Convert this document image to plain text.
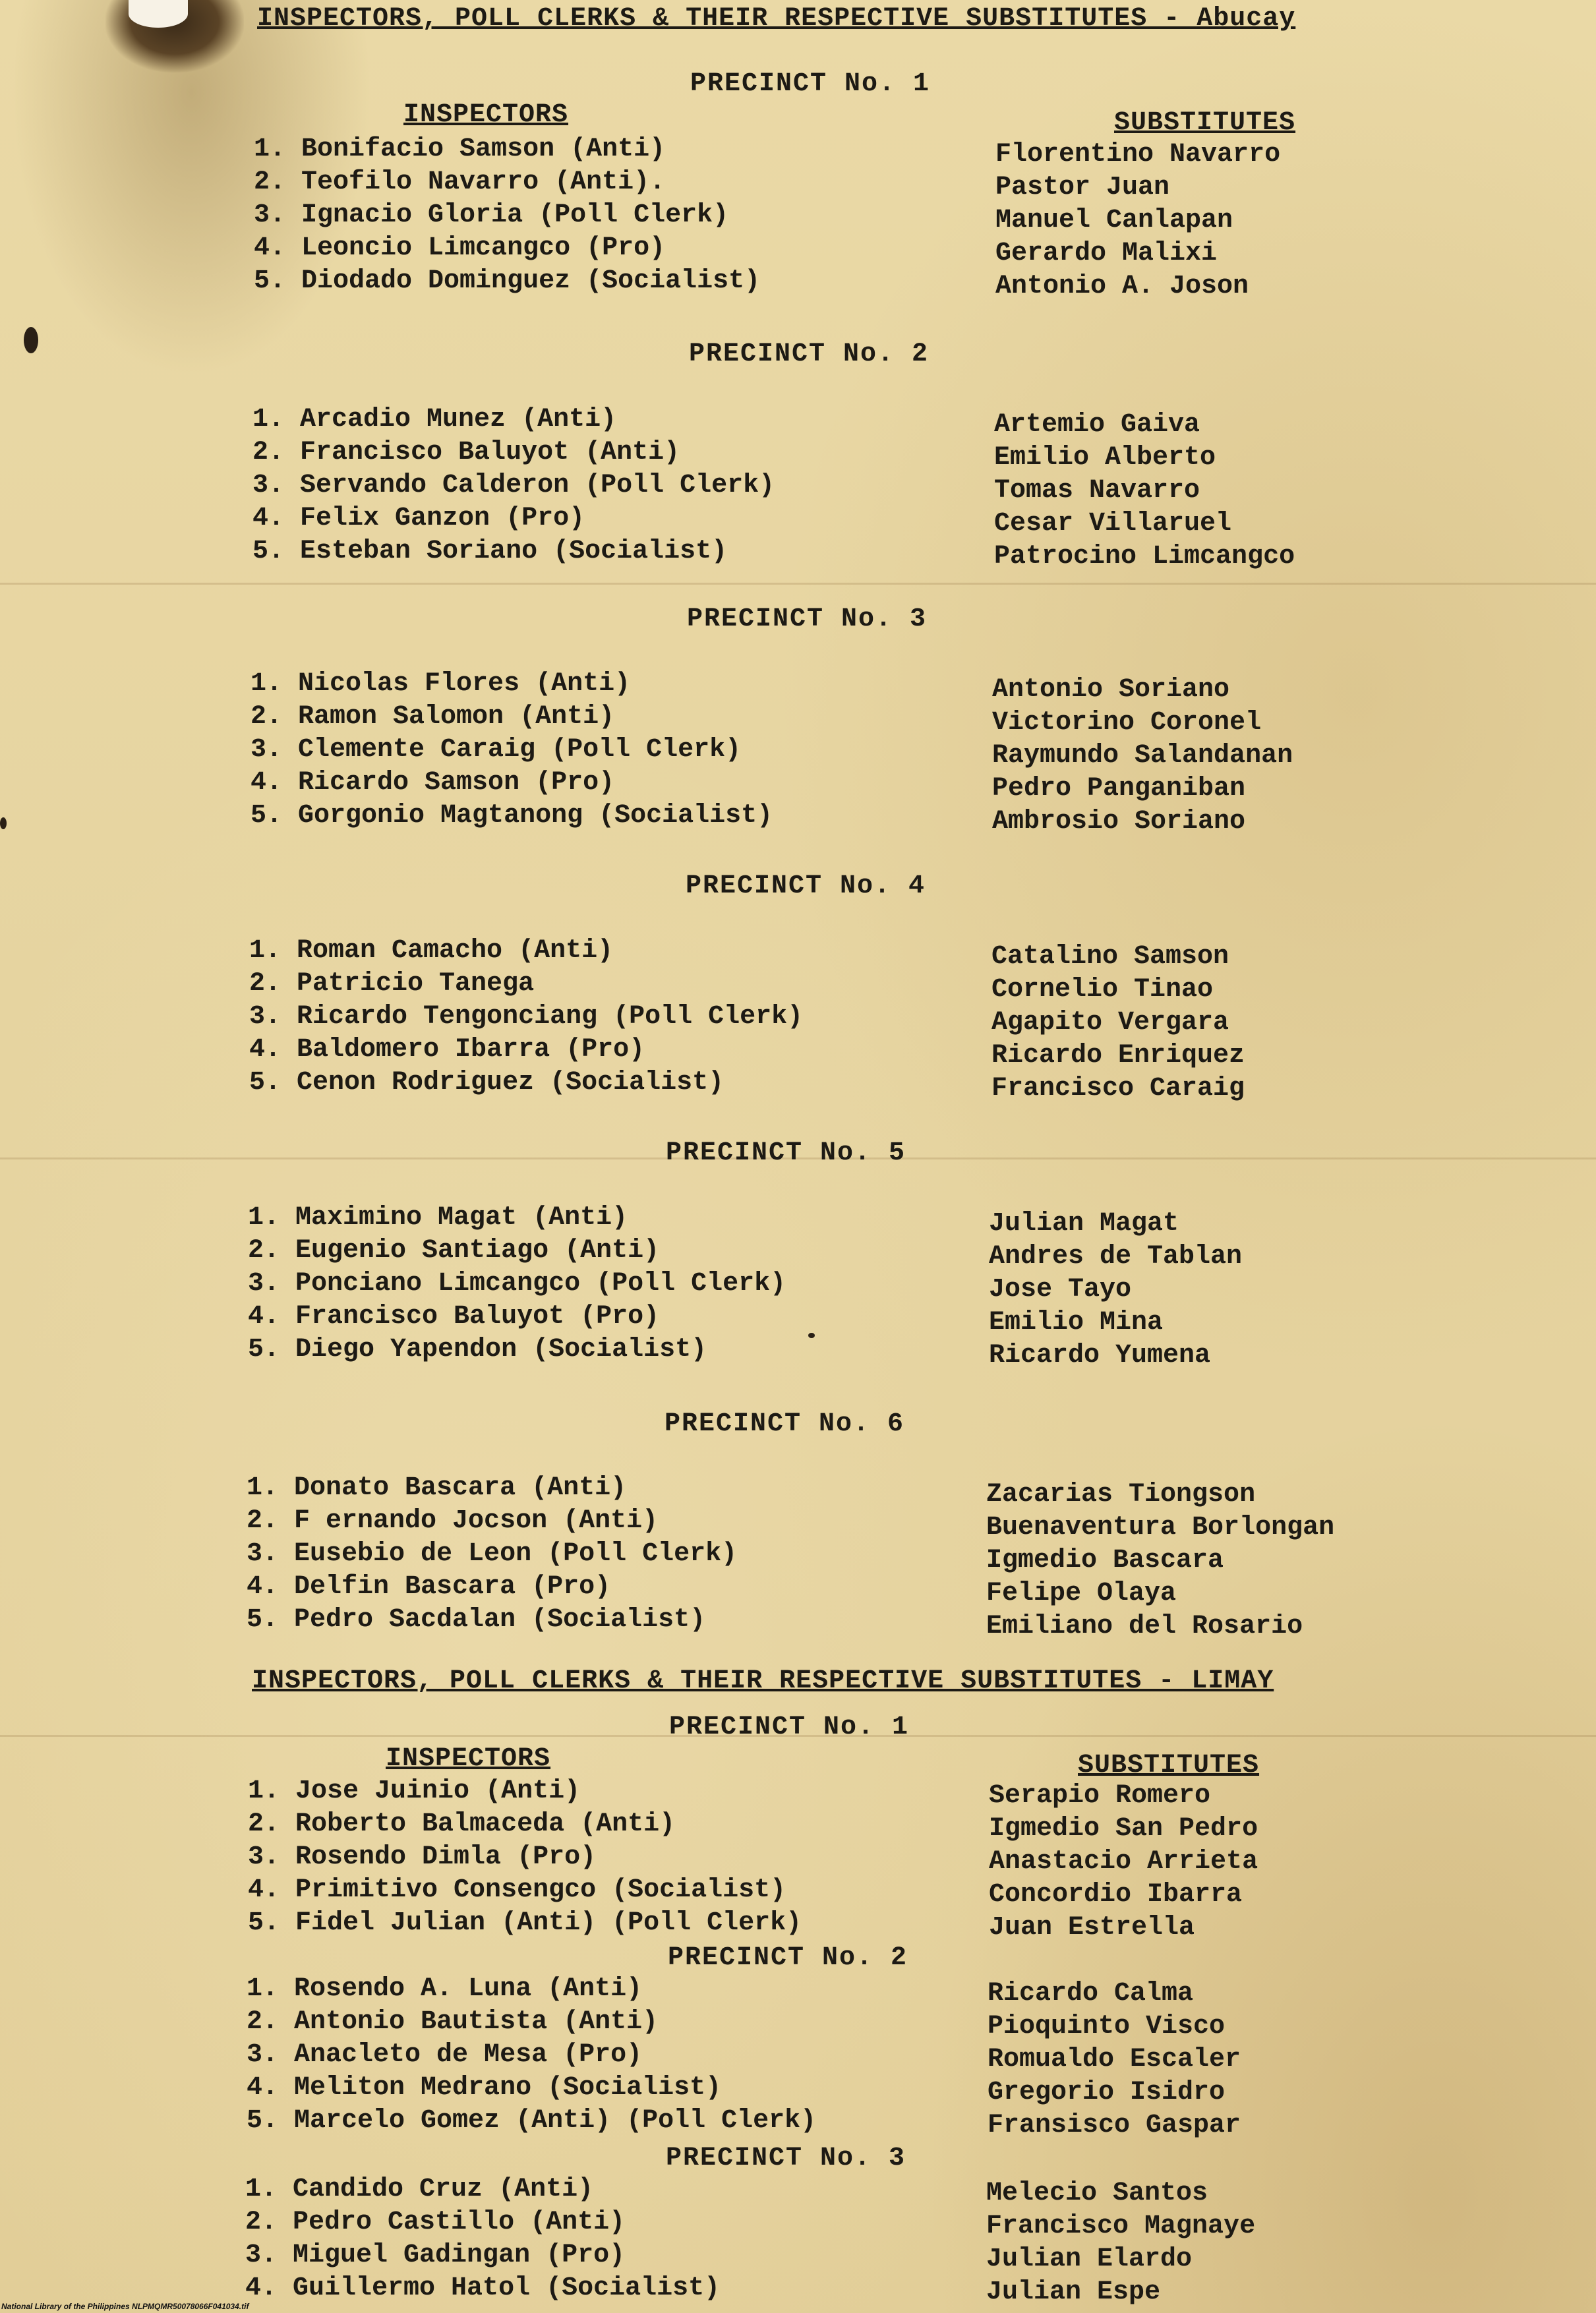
INSPECTORS, POLL CLERKS & THEIR RESPECTIVE SUBSTITUTES - Abucay
PRECINCT No. 1
INSPECTORS	SUBSTITUTES
1. Bonifacio Samson (Anti)
2. Teofilo Navarro (Anti).
3. Ignacio Gloria (Poll Clerk)
4. Leoncio Limcangco (Pro)
5. Diodado Dominguez (Socialist)
Florentino Navarro
Pastor Juan
Manuel Canlapan
Gerardo Malixi
Antonio A. Joson
PRECINCT No. 2
1. Arcadio Munez (Anti)
2. Francisco Baluyot (Anti)
3. Servando Calderon (Poll Clerk)
4. Felix Ganzon (Pro)
5. Esteban Soriano (Socialist)
Artemio Gaiva
Emilio Alberto
Tomas Navarro
Cesar Villaruel
Patrocino Limcangco
PRECINCT No. 3
1. Nicolas Flores (Anti)
2. Ramon Salomon (Anti)
3. Clemente Caraig (Poll Clerk)
4. Ricardo Samson (Pro)
5. Gorgonio Magtanong (Socialist)
Antonio Soriano
Victorino Coronel
Raymundo Salandanan
Pedro Panganiban
Ambrosio Soriano
PRECINCT No. 4
1. Roman Camacho (Anti)
2. Patricio Tanega
3. Ricardo Tengonciang (Poll Clerk)
4. Baldomero Ibarra (Pro)
5. Cenon Rodriguez (Socialist)
Catalino Samson
Cornelio Tinao
Agapito Vergara
Ricardo Enriquez
Francisco Caraig
PRECINCT No. 5
1. Maximino Magat (Anti)
2. Eugenio Santiago (Anti)
3. Ponciano Limcangco (Poll Clerk)
4. Francisco Baluyot (Pro)
5. Diego Yapendon (Socialist)
Julian Magat
Andres de Tablan
Jose Tayo
Emilio Mina
Ricardo Yumena
PRECINCT No. 6
1. Donato Bascara (Anti)
2. F ernando Jocson (Anti)
3. Eusebio de Leon (Poll Clerk)
4. Delfin Bascara (Pro)
5. Pedro Sacdalan (Socialist)
Zacarias Tiongson
Buenaventura Borlongan
Igmedio Bascara
Felipe Olaya
Emiliano del Rosario
INSPECTORS, POLL CLERKS & THEIR RESPECTIVE SUBSTITUTES - LIMAY
PRECINCT No. 1
INSPECTORS	SUBSTITUTES
1. Jose Juinio (Anti)
2. Roberto Balmaceda (Anti)
3. Rosendo Dimla (Pro)
4. Primitivo Consengco (Socialist)
5. Fidel Julian (Anti) (Poll Clerk)
Serapio Romero
Igmedio San Pedro
Anastacio Arrieta
Concordio Ibarra
Juan Estrella
PRECINCT No. 2
1. Rosendo A. Luna (Anti)
2. Antonio Bautista (Anti)
3. Anacleto de Mesa (Pro)
4. Meliton Medrano (Socialist)
5. Marcelo Gomez (Anti) (Poll Clerk)
Ricardo Calma
Pioquinto Visco
Romualdo Escaler
Gregorio Isidro
Fransisco Gaspar
PRECINCT No. 3
1. Candido Cruz (Anti)
2. Pedro Castillo (Anti)
3. Miguel Gadingan (Pro)
4. Guillermo Hatol (Socialist)
Melecio Santos
Francisco Magnaye
Julian Elardo
Julian Espe
National Library of the Philippines NLPMQMR50078066F041034.tif
